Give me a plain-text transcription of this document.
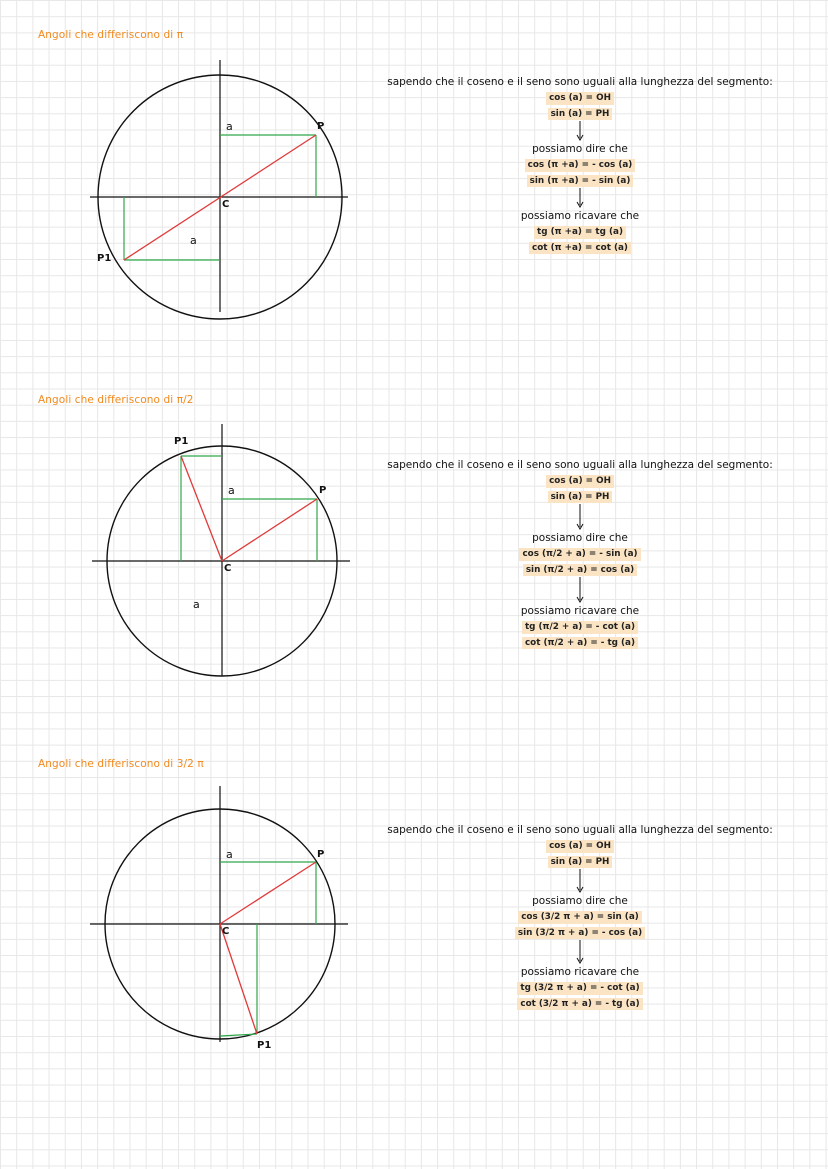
Angoli che differiscono di π
a
a
P
P1
C
sapendo che il coseno e il seno sono uguali alla lunghezza del segmento:
cos (a) = OH
sin (a) = PH
possiamo dire che
cos (π +a) = - cos (a)
sin (π +a) = - sin (a)
possiamo ricavare che
tg (π +a) = tg (a)
cot (π +a) = cot (a)
Angoli che differiscono di π/2
a
a
P
P1
C
sapendo che il coseno e il seno sono uguali alla lunghezza del segmento:
cos (a) = OH
sin (a) = PH
possiamo dire che
cos (π/2 + a) = - sin (a)
sin (π/2 + a) = cos (a)
possiamo ricavare che
tg (π/2 + a) = - cot (a)
cot (π/2 + a) = - tg (a)
Angoli che differiscono di 3/2 π
a	P
P1
C
sapendo che il coseno e il seno sono uguali alla lunghezza del segmento:
cos (a) = OH
sin (a) = PH
possiamo dire che
cos (3/2 π + a) = sin (a)
sin (3/2 π + a) = - cos (a)
possiamo ricavare che
tg (3/2 π + a) = - cot (a)
cot (3/2 π + a) = - tg (a)
